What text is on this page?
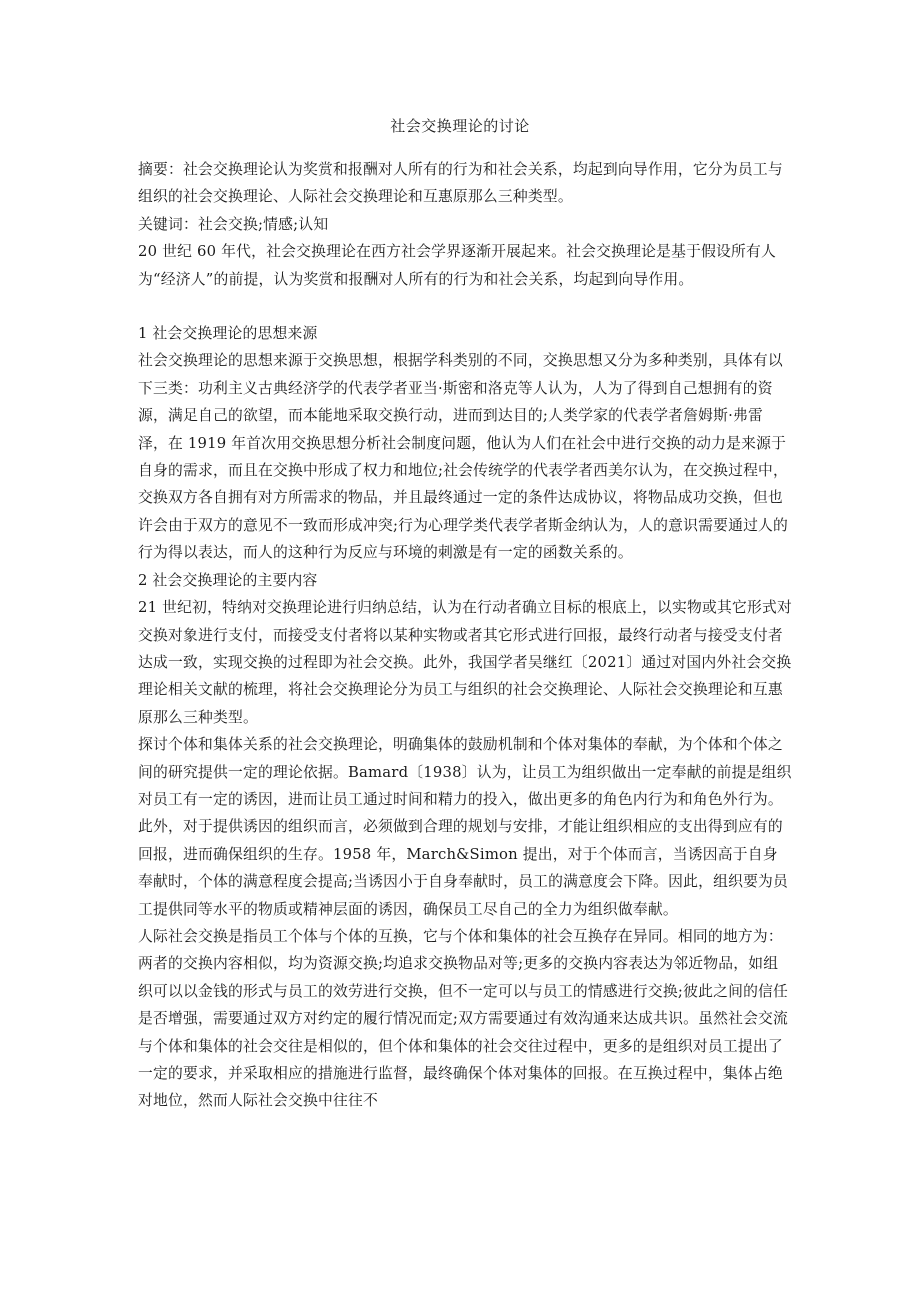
社会交换理论的讨论

摘要：社会交换理论认为奖赏和报酬对人所有的行为和社会关系，均起到向导作用，它分为员工与组织的社会交换理论、人际社会交换理论和互惠原那么三种类型。

关键词：社会交换;情感;认知

20 世纪 60 年代，社会交换理论在西方社会学界逐渐开展起来。社会交换理论是基于假设所有人为“经济人”的前提，认为奖赏和报酬对人所有的行为和社会关系，均起到向导作用。

1 社会交换理论的思想来源

社会交换理论的思想来源于交换思想，根据学科类别的不同，交换思想又分为多种类别，具体有以下三类：功利主义古典经济学的代表学者亚当·斯密和洛克等人认为，人为了得到自己想拥有的资源，满足自己的欲望，而本能地采取交换行动，进而到达目的;人类学家的代表学者詹姆斯·弗雷泽，在 1919 年首次用交换思想分析社会制度问题，他认为人们在社会中进行交换的动力是来源于自身的需求，而且在交换中形成了权力和地位;社会传统学的代表学者西美尔认为，在交换过程中，交换双方各自拥有对方所需求的物品，并且最终通过一定的条件达成协议，将物品成功交换，但也许会由于双方的意见不一致而形成冲突;行为心理学类代表学者斯金纳认为，人的意识需要通过人的行为得以表达，而人的这种行为反应与环境的刺激是有一定的函数关系的。

2 社会交换理论的主要内容

21 世纪初，特纳对交换理论进行归纳总结，认为在行动者确立目标的根底上，以实物或其它形式对交换对象进行支付，而接受支付者将以某种实物或者其它形式进行回报，最终行动者与接受支付者达成一致，实现交换的过程即为社会交换。此外，我国学者吴继红〔2021〕通过对国内外社会交换理论相关文献的梳理，将社会交换理论分为员工与组织的社会交换理论、人际社会交换理论和互惠原那么三种类型。

探讨个体和集体关系的社会交换理论，明确集体的鼓励机制和个体对集体的奉献，为个体和个体之间的研究提供一定的理论依据。Bamard〔1938〕认为，让员工为组织做出一定奉献的前提是组织对员工有一定的诱因，进而让员工通过时间和精力的投入，做出更多的角色内行为和角色外行为。此外，对于提供诱因的组织而言，必须做到合理的规划与安排，才能让组织相应的支出得到应有的回报，进而确保组织的生存。1958 年，March&Simon 提出，对于个体而言，当诱因高于自身奉献时，个体的满意程度会提高;当诱因小于自身奉献时，员工的满意度会下降。因此，组织要为员工提供同等水平的物质或精神层面的诱因，确保员工尽自己的全力为组织做奉献。

人际社会交换是指员工个体与个体的互换，它与个体和集体的社会互换存在异同。相同的地方为：两者的交换内容相似，均为资源交换;均追求交换物品对等;更多的交换内容表达为邻近物品，如组织可以以金钱的形式与员工的效劳进行交换，但不一定可以与员工的情感进行交换;彼此之间的信任是否增强，需要通过双方对约定的履行情况而定;双方需要通过有效沟通来达成共识。虽然社会交流与个体和集体的社会交往是相似的，但个体和集体的社会交往过程中，更多的是组织对员工提出了一定的要求，并采取相应的措施进行监督，最终确保个体对集体的回报。在互换过程中，集体占绝对地位，然而人际社会交换中往往不
